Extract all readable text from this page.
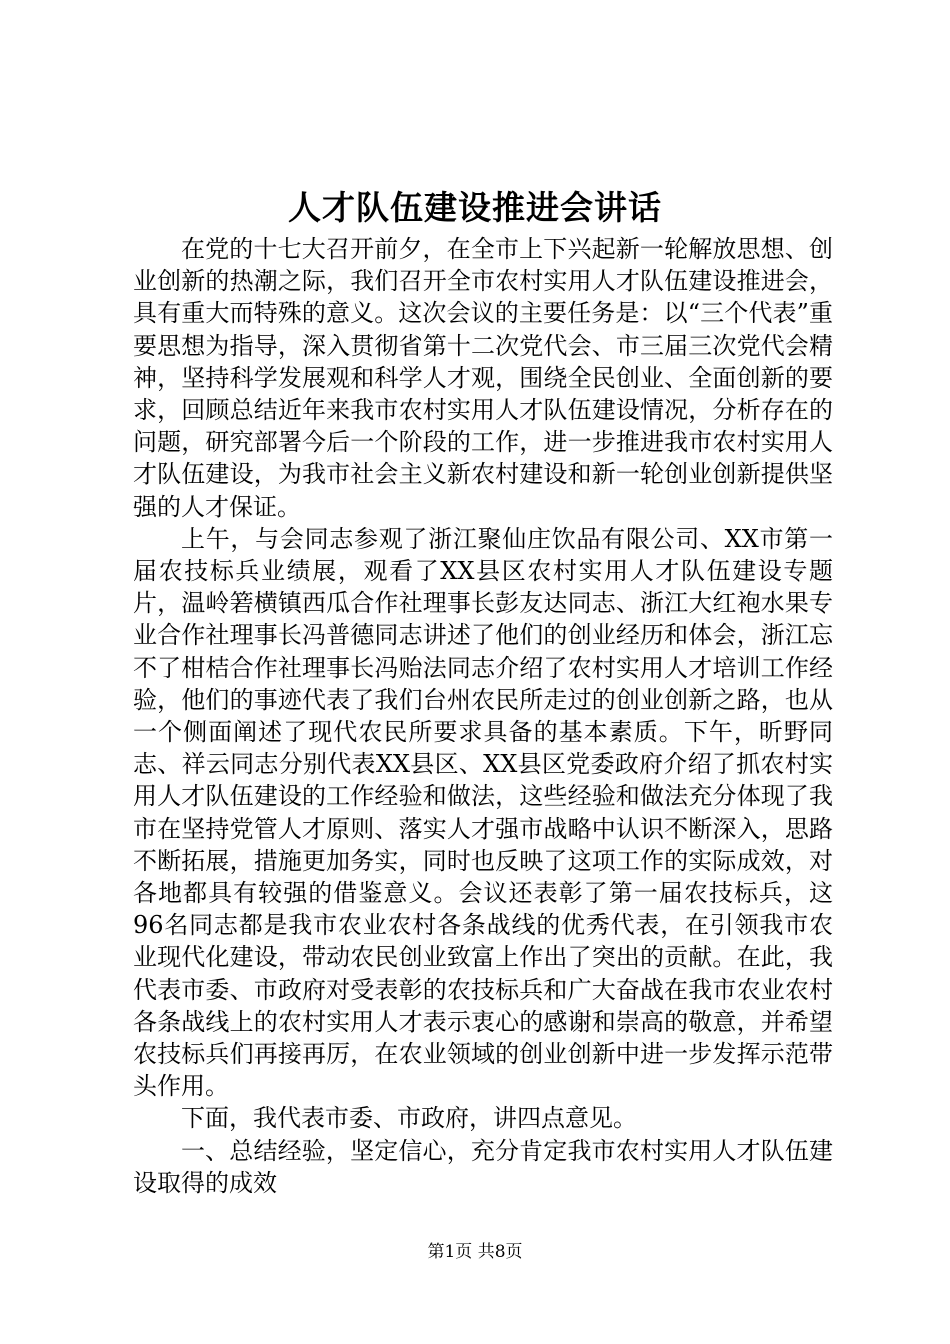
人才队伍建设推进会讲话

在党的十七大召开前夕，在全市上下兴起新一轮解放思想、创业创新的热潮之际，我们召开全市农村实用人才队伍建设推进会，具有重大而特殊的意义。这次会议的主要任务是：以“三个代表”重要思想为指导，深入贯彻省第十二次党代会、市三届三次党代会精神，坚持科学发展观和科学人才观，围绕全民创业、全面创新的要求，回顾总结近年来我市农村实用人才队伍建设情况，分析存在的问题，研究部署今后一个阶段的工作，进一步推进我市农村实用人才队伍建设，为我市社会主义新农村建设和新一轮创业创新提供坚强的人才保证。

上午，与会同志参观了浙江聚仙庄饮品有限公司、XX市第一届农技标兵业绩展，观看了XX县区农村实用人才队伍建设专题片，温岭箬横镇西瓜合作社理事长彭友达同志、浙江大红袍水果专业合作社理事长冯普德同志讲述了他们的创业经历和体会，浙江忘不了柑桔合作社理事长冯贻法同志介绍了农村实用人才培训工作经验，他们的事迹代表了我们台州农民所走过的创业创新之路，也从一个侧面阐述了现代农民所要求具备的基本素质。下午，昕野同志、祥云同志分别代表XX县区、XX县区党委政府介绍了抓农村实用人才队伍建设的工作经验和做法，这些经验和做法充分体现了我市在坚持党管人才原则、落实人才强市战略中认识不断深入，思路不断拓展，措施更加务实，同时也反映了这项工作的实际成效，对各地都具有较强的借鉴意义。会议还表彰了第一届农技标兵，这96名同志都是我市农业农村各条战线的优秀代表，在引领我市农业现代化建设，带动农民创业致富上作出了突出的贡献。在此，我代表市委、市政府对受表彰的农技标兵和广大奋战在我市农业农村各条战线上的农村实用人才表示衷心的感谢和崇高的敬意，并希望农技标兵们再接再厉，在农业领域的创业创新中进一步发挥示范带头作用。

下面，我代表市委、市政府，讲四点意见。

一、总结经验，坚定信心，充分肯定我市农村实用人才队伍建设取得的成效

第1页 共8页
